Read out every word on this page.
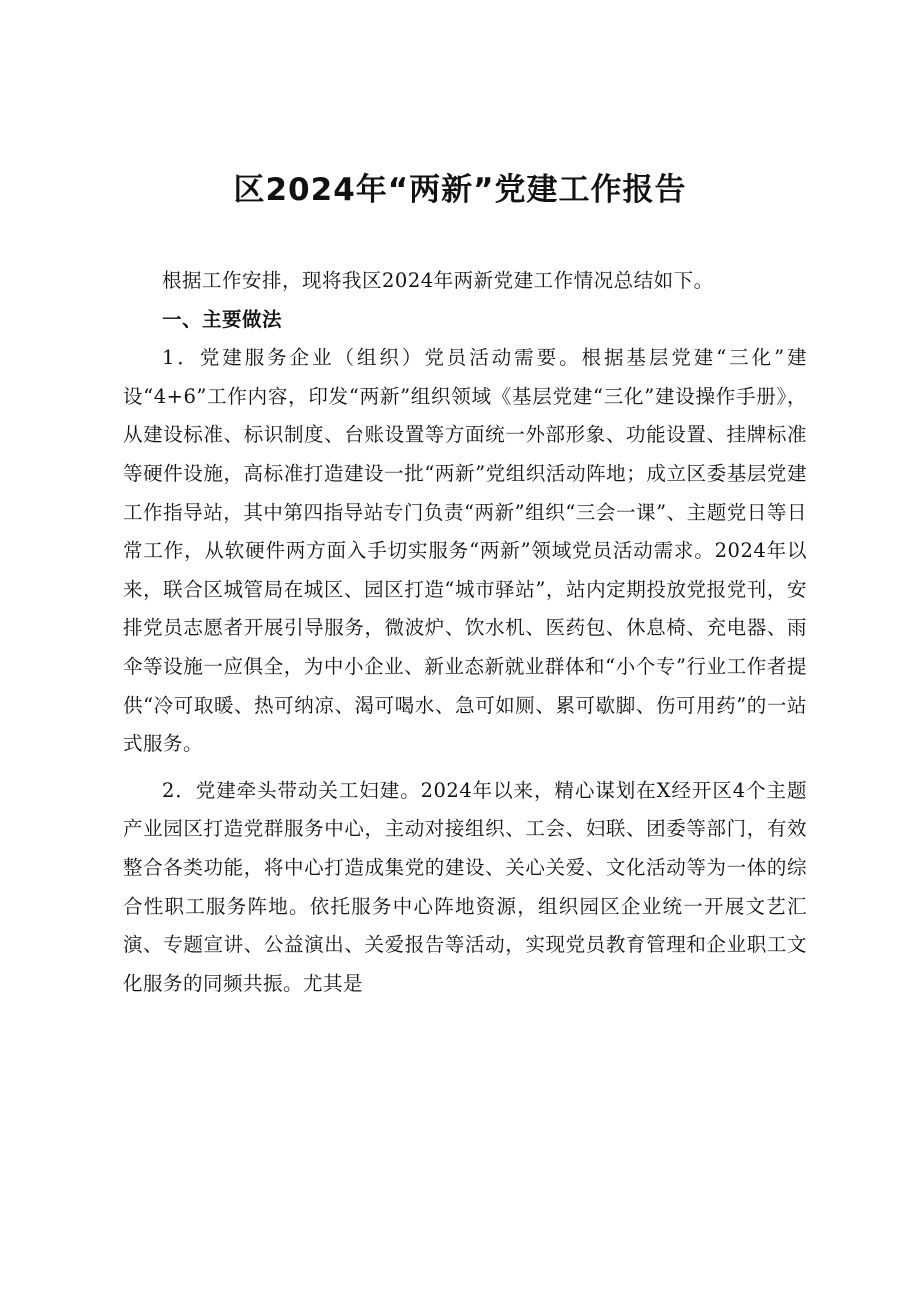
区2024年“两新”党建工作报告

根据工作安排，现将我区2024年两新党建工作情况总结如下。

一、主要做法

1．党建服务企业（组织）党员活动需要。根据基层党建“三化”建设“4+6”工作内容，印发“两新”组织领域《基层党建“三化”建设操作手册》，从建设标准、标识制度、台账设置等方面统一外部形象、功能设置、挂牌标准等硬件设施，高标准打造建设一批“两新”党组织活动阵地；成立区委基层党建工作指导站，其中第四指导站专门负责“两新”组织“三会一课”、主题党日等日常工作，从软硬件两方面入手切实服务“两新”领域党员活动需求。2024年以来，联合区城管局在城区、园区打造“城市驿站”，站内定期投放党报党刊，安排党员志愿者开展引导服务，微波炉、饮水机、医药包、休息椅、充电器、雨伞等设施一应俱全，为中小企业、新业态新就业群体和“小个专”行业工作者提供“冷可取暖、热可纳凉、渴可喝水、急可如厕、累可歇脚、伤可用药”的一站式服务。

2．党建牵头带动关工妇建。2024年以来，精心谋划在X经开区4个主题产业园区打造党群服务中心，主动对接组织、工会、妇联、团委等部门，有效整合各类功能，将中心打造成集党的建设、关心关爱、文化活动等为一体的综合性职工服务阵地。依托服务中心阵地资源，组织园区企业统一开展文艺汇演、专题宣讲、公益演出、关爱报告等活动，实现党员教育管理和企业职工文化服务的同频共振。尤其是
